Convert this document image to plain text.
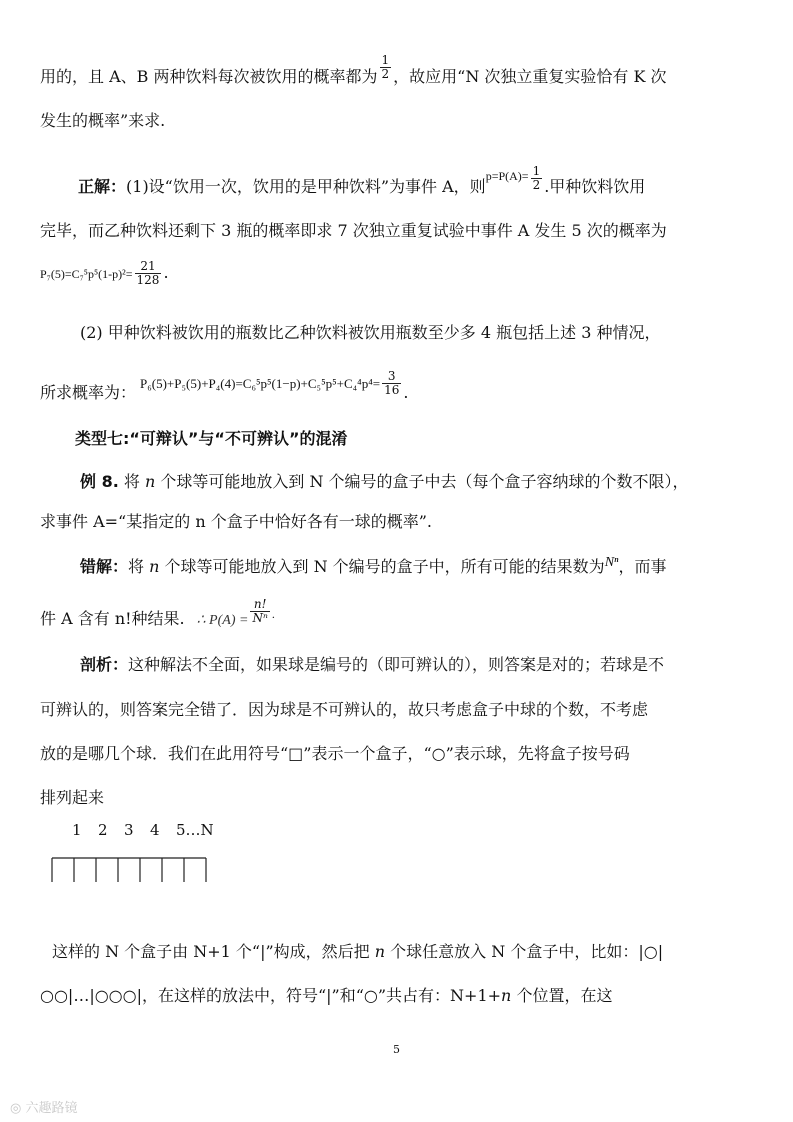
用的，且 A、B 两种饮料每次被饮用的概率都为 $\frac{1}{2}$ ，故应用“N 次独立重复实验恰有 K 次
发生的概率”来求.
正解：(1)设“饮用一次，饮用的是甲种饮料”为事件 A，则$^{p=P(A)=} \frac{1}{2}$ .甲种饮料饮用
完毕，而乙种饮料还剩下 3 瓶的概率即求 7 次独立重复试验中事件 A 发生 5 次的概率为
$P_7(5)=C_7^5p^5(1-p)^2= \frac{21}{128}$ .
(2) 甲种饮料被饮用的瓶数比乙种饮料被饮用瓶数至少多 4 瓶包括上述 3 种情况，
所求概率为： $P_6(5)+P_5(5)+P_4(4)=C_6^5p^5(1-p)+C_5^5p^5+C_4^4p^4= \frac{3}{16}$ .
类型七:“可辩认”与“不可辨认”的混淆
例 8. 将 n 个球等可能地放入到 N 个编号的盒子中去（每个盒子容纳球的个数不限），
求事件 A=“某指定的 n 个盒子中恰好各有一球的概率”.
错解：将 n 个球等可能地放入到 N 个编号的盒子中，所有可能的结果数为Nⁿ，而事
件 A 含有 n!种结果. ∴ $P(A) = \frac{n!}{\text{Nⁿ}} ^.$
剖析：这种解法不全面，如果球是编号的（即可辨认的），则答案是对的；若球是不
可辨认的，则答案完全错了．因为球是不可辨认的，故只考虑盒子中球的个数，不考虑
放的是哪几个球．我们在此用符号“□”表示一个盒子，“○”表示球，先将盒子按号码
排列起来
1 2 3 4 5…N
这样的 N 个盒子由 N+1 个“|”构成，然后把 n 个球任意放入 N 个盒子中，比如：|○|
○○|…|○○○|，在这样的放法中，符号“|”和“○”共占有：N+1+n 个位置，在这
5
◎ 六趣路镜
